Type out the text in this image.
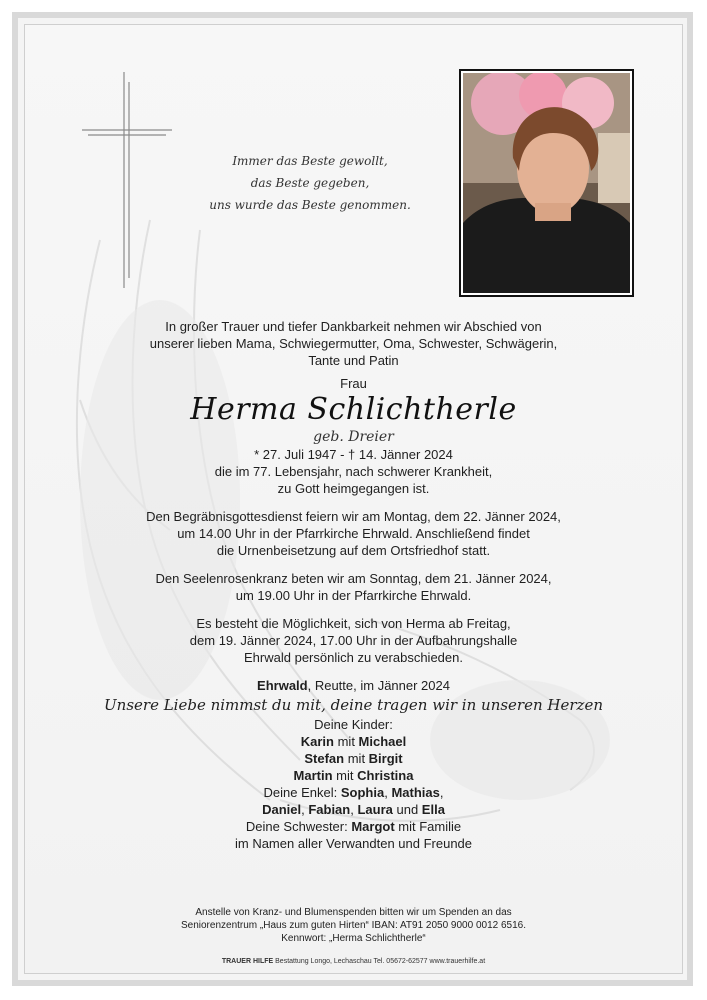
Immer das Beste gewollt,
das Beste gegeben,
uns wurde das Beste genommen.

In großer Trauer und tiefer Dankbarkeit nehmen wir Abschied von

unserer lieben Mama, Schwiegermutter, Oma, Schwester, Schwägerin,

Tante und Patin

Frau

Herma Schlichtherle

geb. Dreier

* 27. Juli 1947 - † 14. Jänner 2024

die im 77. Lebensjahr, nach schwerer Krankheit,

zu Gott heimgegangen ist.

Den Begräbnisgottesdienst feiern wir am Montag, dem 22. Jänner 2024,

um 14.00 Uhr in der Pfarrkirche Ehrwald. Anschließend findet

die Urnenbeisetzung auf dem Ortsfriedhof statt.

Den Seelenrosenkranz beten wir am Sonntag, dem 21. Jänner 2024,

um 19.00 Uhr in der Pfarrkirche Ehrwald.

Es besteht die Möglichkeit, sich von Herma ab Freitag,

dem 19. Jänner 2024, 17.00 Uhr in der Aufbahrungshalle

Ehrwald persönlich zu verabschieden.

Ehrwald, Reutte, im Jänner 2024

Unsere Liebe nimmst du mit, deine tragen wir in unseren Herzen

Deine Kinder:

Karin mit Michael

Stefan mit Birgit

Martin mit Christina

Deine Enkel: Sophia, Mathias,

Daniel, Fabian, Laura und Ella

Deine Schwester: Margot mit Familie

im Namen aller Verwandten und Freunde

Anstelle von Kranz- und Blumenspenden bitten wir um Spenden an das

Seniorenzentrum „Haus zum guten Hirten“ IBAN: AT91 2050 9000 0012 6516.

Kennwort: „Herma Schlichtherle“

TRAUER HILFE Bestattung Longo, Lechaschau Tel. 05672-62577 www.trauerhilfe.at
